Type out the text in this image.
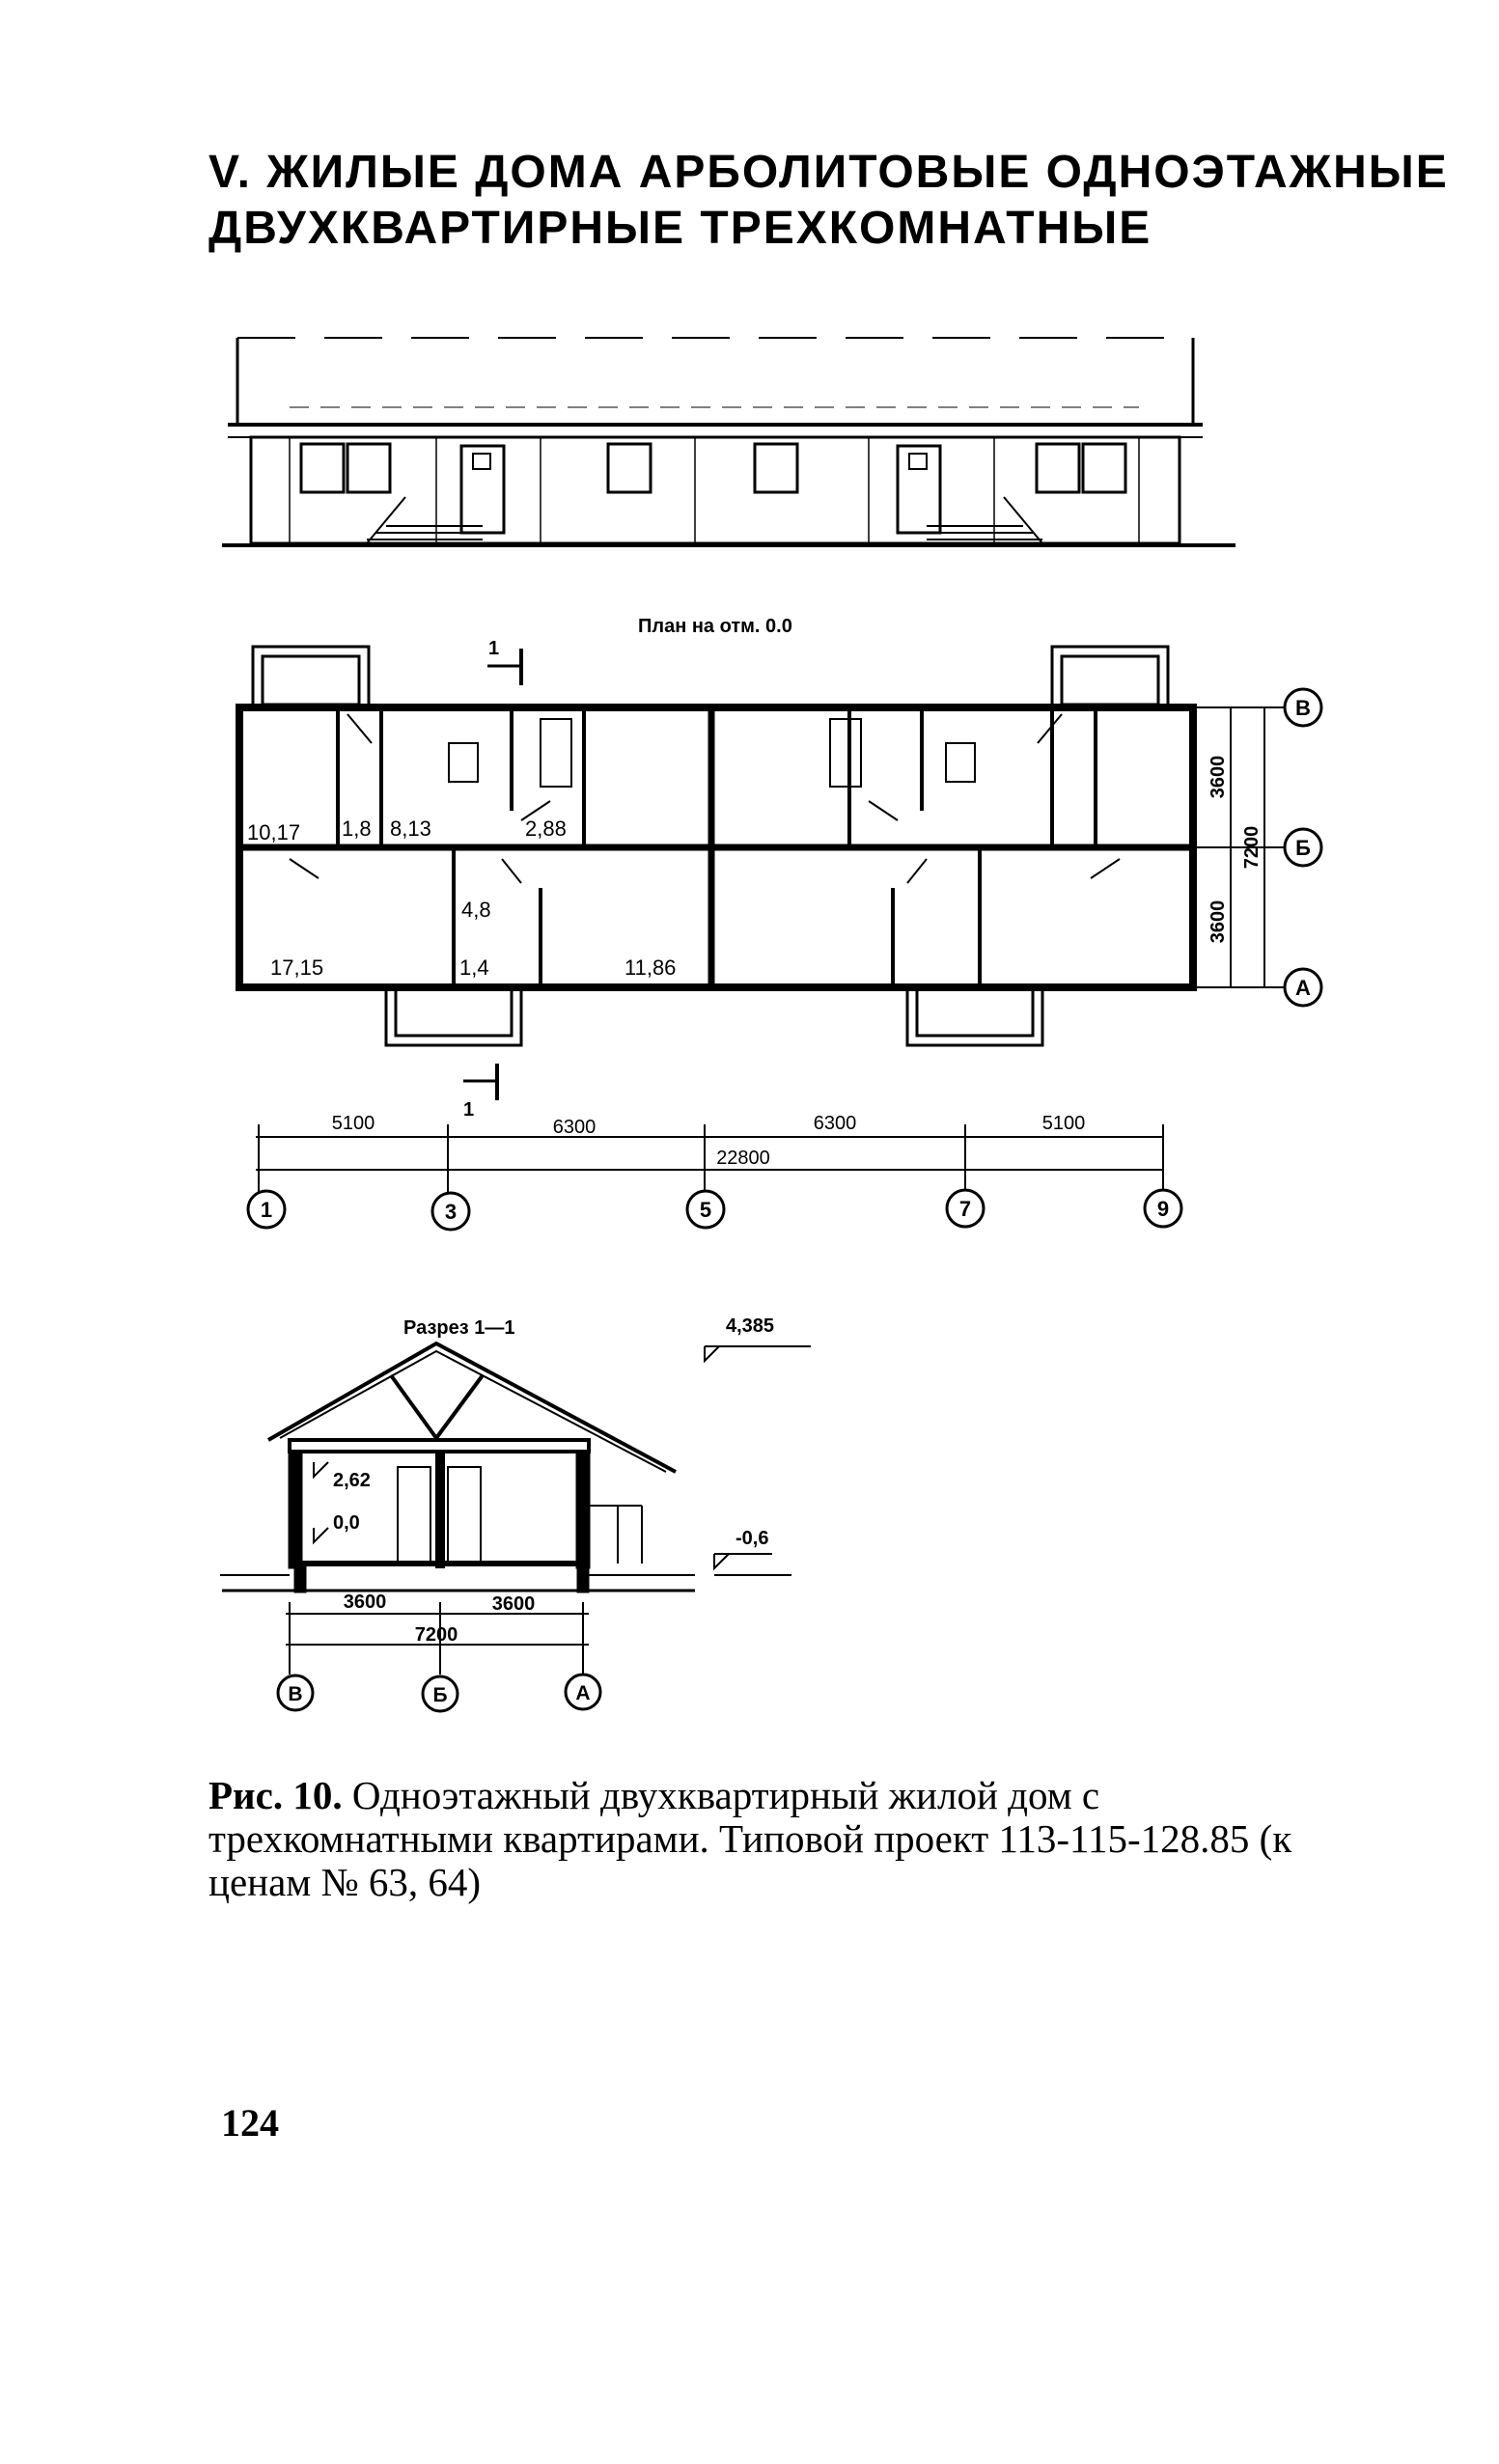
V. ЖИЛЫЕ ДОМА АРБОЛИТОВЫЕ ОДНОЭТАЖНЫЕ
ДВУХКВАРТИРНЫЕ ТРЕХКОМНАТНЫЕ
План на отм. 0.0
1
1
10,17 1,8 8,13	2,88
4,8
17,15	1,4	11,86
3600
3600
7200
В
Б
А
5100	6300	6300	5100
22800
1	3	5	7	9
Разрез 1—1	4,385
2,62
0,0
-0,6
3600	3600
7200
В	Б	А
Рис. 10. Одноэтажный двухквартирный жилой дом с трехкомнатными квартирами. Типовой проект 113-115-128.85 (к ценам № 63, 64)
124
